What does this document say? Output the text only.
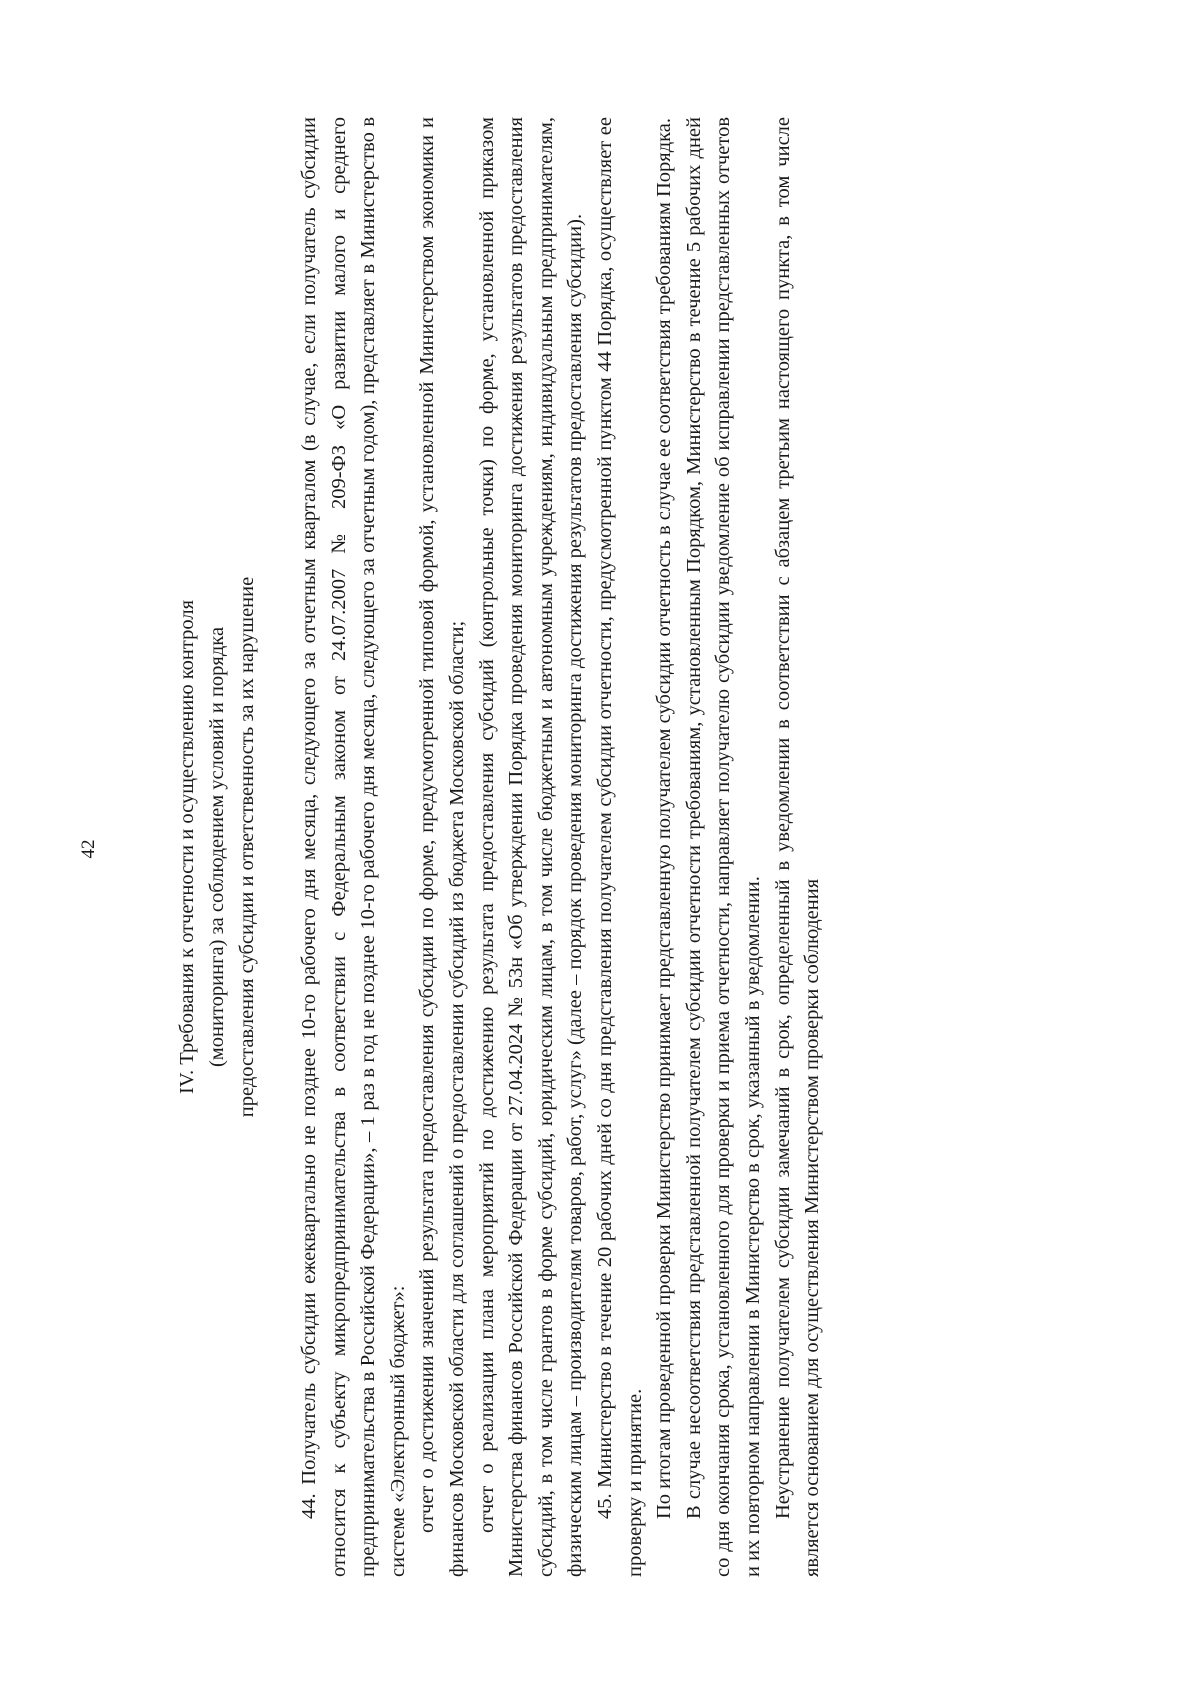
42	IV. Требования к отчетности и осуществлению контроля (мониторинга) за соблюдением условий и порядка предоставления субсидии и ответственность за их нарушение 44. Получатель субсидии ежеквартально не позднее 10-го рабочего дня месяца, следующего за отчетным кварталом (в случае, если получатель субсидии относится к субъекту микропредпринимательства в соответствии с Федеральным законом от 24.07.2007 № 209-ФЗ «О развитии малого и среднего предпринимательства в Российской Федерации», – 1 раз в год не позднее 10-го рабочего дня месяца, следующего за отчетным годом), представляет в Министерство в системе «Электронный бюджет»: отчет о достижении значений результата предоставления субсидии по форме, предусмотренной типовой формой, установленной Министерством экономики и финансов Московской области для соглашений о предоставлении субсидий из бюджета Московской области; отчет о реализации плана мероприятий по достижению результата предоставления субсидий (контрольные точки) по форме, установленной приказом Министерства финансов Российской Федерации от 27.04.2024 № 53н «Об утверждении Порядка проведения мониторинга достижения результатов предоставления субсидий, в том числе грантов в форме субсидий, юридическим лицам, в том числе бюджетным и автономным учреждениям, индивидуальным предпринимателям, физическим лицам – производителям товаров, работ, услуг» (далее – порядок проведения мониторинга достижения результатов предоставления субсидии). 45. Министерство в течение 20 рабочих дней со дня представления получателем субсидии отчетности, предусмотренной пунктом 44 Порядка, осуществляет ее проверку и принятие. По итогам проведенной проверки Министерство принимает представленную получателем субсидии отчетность в случае ее соответствия требованиям Порядка. В случае несоответствия представленной получателем субсидии отчетности требованиям, установленным Порядком, Министерство в течение 5 рабочих дней со дня окончания срока, установленного для проверки и приема отчетности, направляет получателю субсидии уведомление об исправлении представленных отчетов и их повторном направлении в Министерство в срок, указанный в уведомлении. Неустранение получателем субсидии замечаний в срок, определенный в уведомлении в соответствии с абзацем третьим настоящего пункта, в том числе является основанием для осуществления Министерством проверки соблюдения
